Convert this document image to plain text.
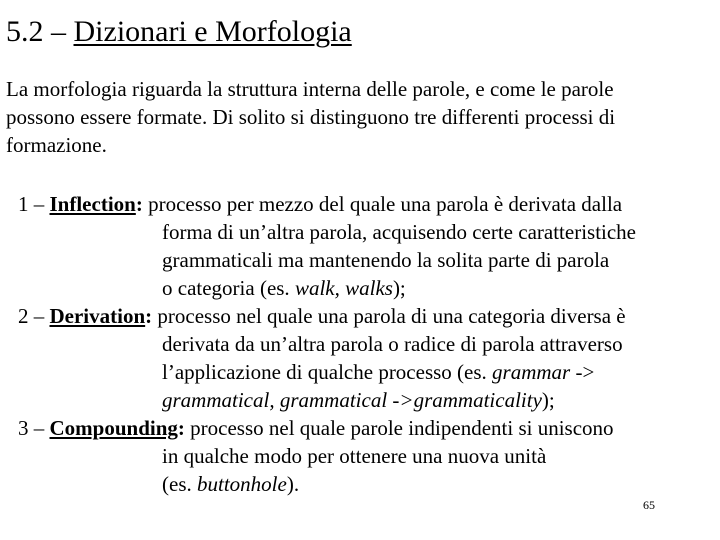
5.2 – Dizionari e Morfologia

La morfologia riguarda la struttura interna delle parole, e come le parole
possono essere formate. Di solito si distinguono tre differenti processi di
formazione.

1 – Inflection: processo per mezzo del quale una parola è derivata dalla
forma di un’altra parola, acquisendo certe caratteristiche
grammaticali ma mantenendo la solita parte di parola
o categoria (es. walk, walks);
2 – Derivation: processo nel quale una parola di una categoria diversa è
derivata da un’altra parola o radice di parola attraverso
l’applicazione di qualche processo (es. grammar ->
grammatical, grammatical ->grammaticality);
3 – Compounding: processo nel quale parole indipendenti si uniscono
in qualche modo per ottenere una nuova unità
(es. buttonhole).
65
